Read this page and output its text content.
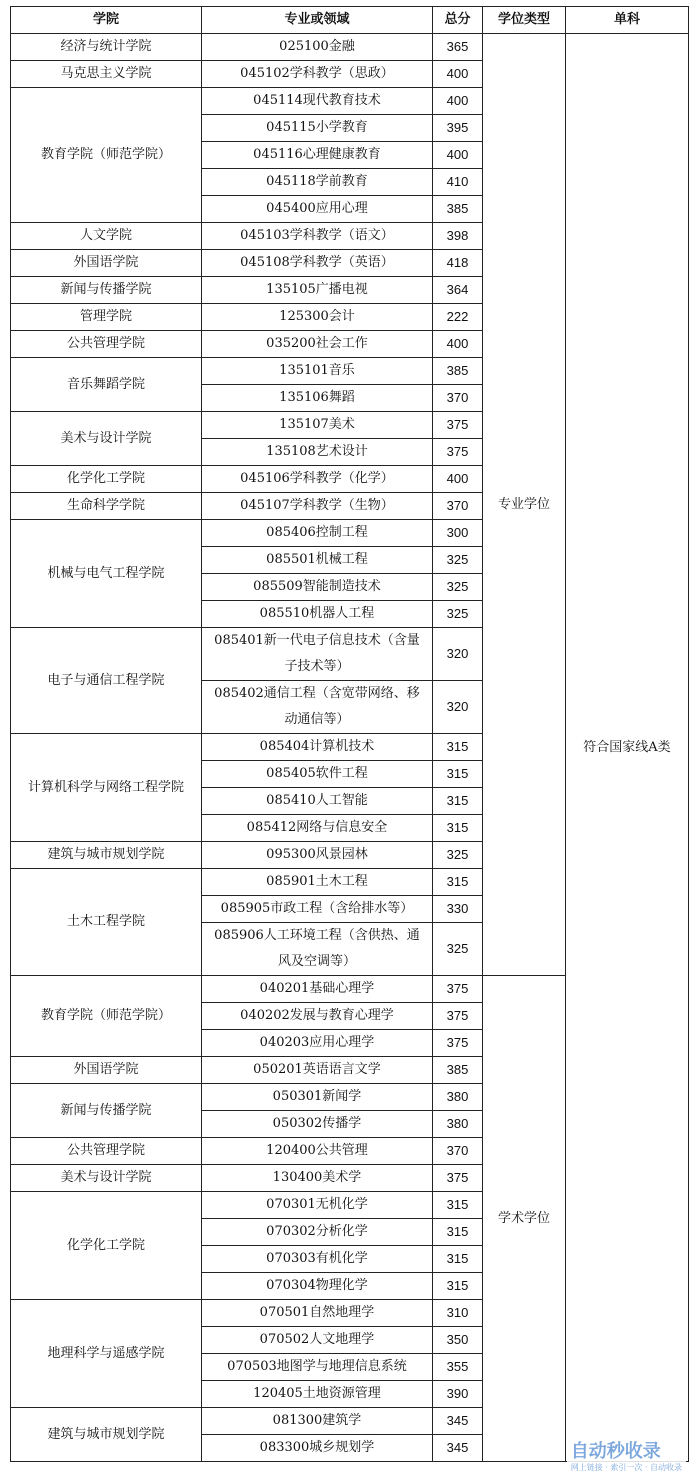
学院	专业或领域	总分	学位类型	单科
经济与统计学院	025100金融	365	专业学位	符合国家线A类
马克思主义学院	045102学科教学（思政）	400		
教育学院（师范学院）	045114现代教育技术	400		
	045115小学教育	395		
	045116心理健康教育	400		
	045118学前教育	410		
	045400应用心理	385		
人文学院	045103学科教学（语文）	398		
外国语学院	045108学科教学（英语）	418		
新闻与传播学院	135105广播电视	364		
管理学院	125300会计	222		
公共管理学院	035200社会工作	400		
音乐舞蹈学院	135101音乐	385		
	135106舞蹈	370		
美术与设计学院	135107美术	375		
	135108艺术设计	375		
化学化工学院	045106学科教学（化学）	400		
生命科学学院	045107学科教学（生物）	370		
机械与电气工程学院	085406控制工程	300		
	085501机械工程	325		
	085509智能制造技术	325		
	085510机器人工程	325		
电子与通信工程学院	085401新一代电子信息技术（含量子技术等）	320		
	085402通信工程（含宽带网络、移动通信等）	320		
计算机科学与网络工程学院	085404计算机技术	315		
	085405软件工程	315		
	085410人工智能	315		
	085412网络与信息安全	315		
建筑与城市规划学院	095300风景园林	325		
土木工程学院	085901土木工程	315		
	085905市政工程（含给排水等）	330		
	085906人工环境工程（含供热、通风及空调等）	325		
教育学院（师范学院）	040201基础心理学	375	学术学位	
	040202发展与教育心理学	375		
	040203应用心理学	375		
外国语学院	050201英语语言文学	385		
新闻与传播学院	050301新闻学	380		
	050302传播学	380		
公共管理学院	120400公共管理	370		
美术与设计学院	130400美术学	375		
化学化工学院	070301无机化学	315		
	070302分析化学	315		
	070303有机化学	315		
	070304物理化学	315		
地理科学与遥感学院	070501自然地理学	310		
	070502人文地理学	350		
	070503地图学与地理信息系统	355		
	120405土地资源管理	390		
建筑与城市规划学院	081300建筑学	345		
	083300城乡规划学	345			自动秒收录
网上链接 · 索引一次 · 自动收录
